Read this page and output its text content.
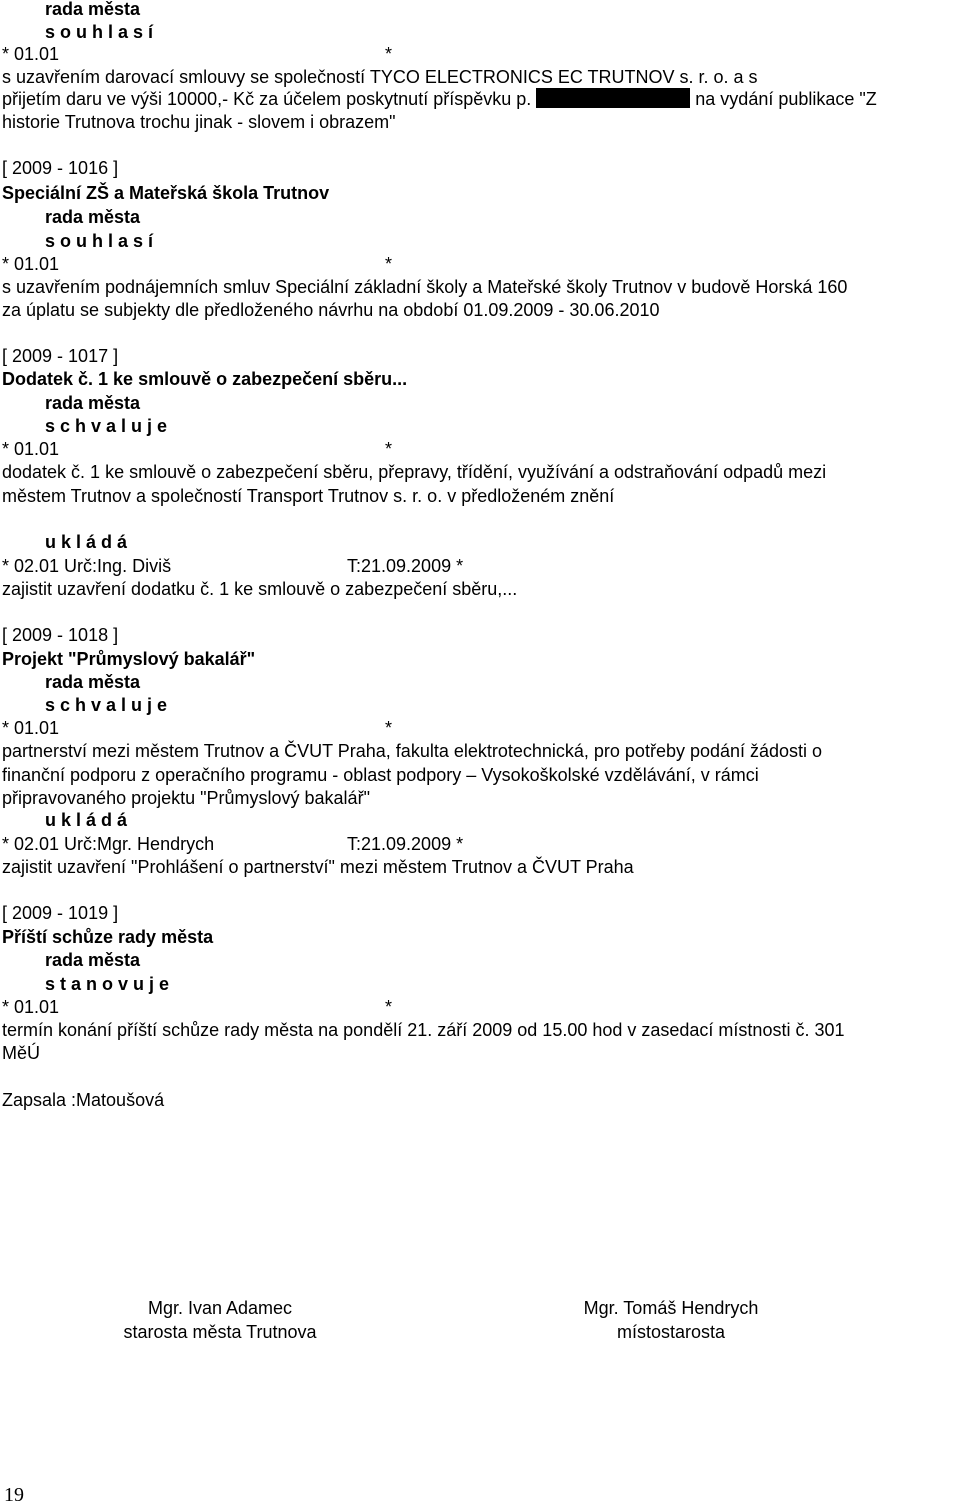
rada města
s o u h l a s í
* 01.01	*
s uzavřením darovací smlouvy se společností TYCO ELECTRONICS EC TRUTNOV s. r. o. a s
přijetím daru ve výši 10000,- Kč za účelem poskytnutí příspěvku p.	na vydání publikace "Z
historie Trutnova trochu jinak - slovem i obrazem"
[ 2009 - 1016 ]
Speciální ZŠ a Mateřská škola Trutnov
rada města
s o u h l a s í
* 01.01	*
s uzavřením podnájemních smluv Speciální základní školy a Mateřské školy Trutnov v budově Horská 160
za úplatu se subjekty dle předloženého návrhu na období 01.09.2009 - 30.06.2010
[ 2009 - 1017 ]
Dodatek č. 1 ke smlouvě o zabezpečení sběru...
rada města
s c h v a l u j e
* 01.01	*
dodatek č. 1 ke smlouvě o zabezpečení sběru, přepravy, třídění, využívání a odstraňování odpadů mezi
městem Trutnov a společností Transport Trutnov s. r. o. v předloženém znění
u k l á d á
* 02.01 Urč:Ing. Diviš	T:21.09.2009 *
zajistit uzavření dodatku č. 1 ke smlouvě o zabezpečení sběru,...
[ 2009 - 1018 ]
Projekt "Průmyslový bakalář"
rada města
s c h v a l u j e
* 01.01	*
partnerství mezi městem Trutnov a ČVUT Praha, fakulta elektrotechnická, pro potřeby podání žádosti o
finanční podporu z operačního programu - oblast podpory – Vysokoškolské vzdělávání, v rámci
připravovaného projektu "Průmyslový bakalář"
u k l á d á
* 02.01 Urč:Mgr. Hendrych	T:21.09.2009 *
zajistit uzavření "Prohlášení o partnerství" mezi městem Trutnov a ČVUT Praha
[ 2009 - 1019 ]
Příští schůze rady města
rada města
s t a n o v u j e
* 01.01	*
termín konání příští schůze rady města na pondělí 21. září 2009 od 15.00 hod v zasedací místnosti č. 301
MěÚ
Zapsala :Matoušová
Mgr. Ivan Adamec
starosta města Trutnova
Mgr. Tomáš Hendrych
místostarosta
19
